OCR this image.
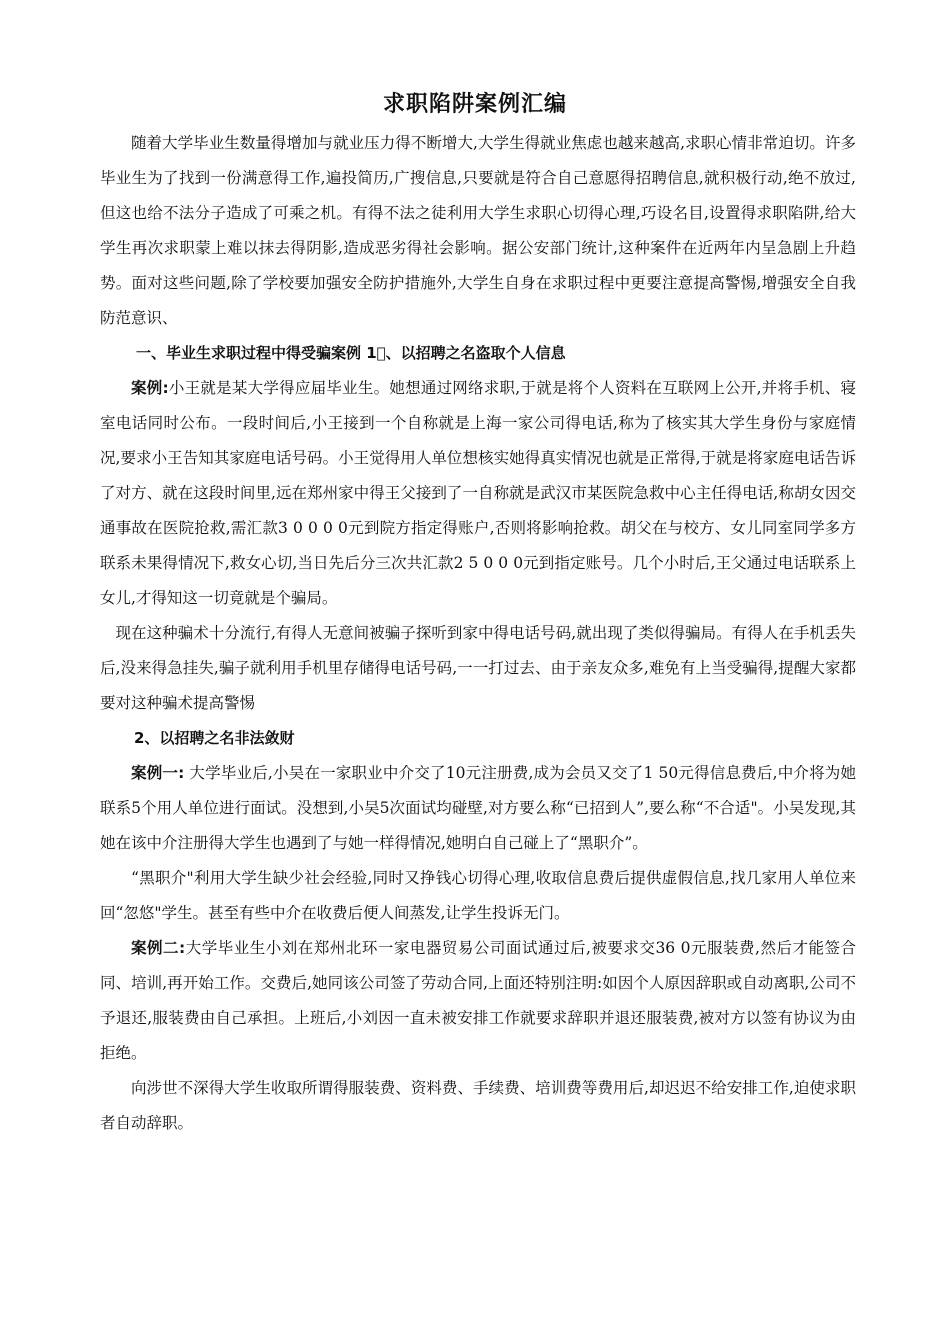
求职陷阱案例汇编

随着大学毕业生数量得增加与就业压力得不断增大,大学生得就业焦虑也越来越高,求职心情非常迫切。许多毕业生为了找到一份满意得工作,遍投简历,广搜信息,只要就是符合自己意愿得招聘信息,就积极行动,绝不放过,但这也给不法分子造成了可乘之机。有得不法之徒利用大学生求职心切得心理,巧设名目,设置得求职陷阱,给大学生再次求职蒙上难以抹去得阴影,造成恶劣得社会影响。据公安部门统计,这种案件在近两年内呈急剧上升趋势。面对这些问题,除了学校要加强安全防护措施外,大学生自身在求职过程中更要注意提高警惕,增强安全自我防范意识、

一、毕业生求职过程中得受骗案例 1⃒、以招聘之名盗取个人信息

案例:小王就是某大学得应届毕业生。她想通过网络求职,于就是将个人资料在互联网上公开,并将手机、寝室电话同时公布。一段时间后,小王接到一个自称就是上海一家公司得电话,称为了核实其大学生身份与家庭情况,要求小王告知其家庭电话号码。小王觉得用人单位想核实她得真实情况也就是正常得,于就是将家庭电话告诉了对方、就在这段时间里,远在郑州家中得王父接到了一自称就是武汉市某医院急救中心主任得电话,称胡女因交通事故在医院抢救,需汇款3 0 0 0 0元到院方指定得账户,否则将影响抢救。胡父在与校方、女儿同室同学多方联系未果得情况下,救女心切,当日先后分三次共汇款2 5 0 0 0元到指定账号。几个小时后,王父通过电话联系上女儿,才得知这一切竟就是个骗局。

现在这种骗术十分流行,有得人无意间被骗子探听到家中得电话号码,就出现了类似得骗局。有得人在手机丢失后,没来得急挂失,骗子就利用手机里存储得电话号码,一一打过去、由于亲友众多,难免有上当受骗得,提醒大家都要对这种骗术提高警惕

2、以招聘之名非法敛财

案例一: 大学毕业后,小吴在一家职业中介交了10元注册费,成为会员又交了1 50元得信息费后,中介将为她联系5个用人单位进行面试。没想到,小吴5次面试均碰壁,对方要么称“已招到人”,要么称“不合适"。小吴发现,其她在该中介注册得大学生也遇到了与她一样得情况,她明白自己碰上了“黑职介”。

“黑职介"利用大学生缺少社会经验,同时又挣钱心切得心理,收取信息费后提供虚假信息,找几家用人单位来回“忽悠"学生。甚至有些中介在收费后便人间蒸发,让学生投诉无门。

案例二:大学毕业生小刘在郑州北环一家电器贸易公司面试通过后,被要求交36 0元服装费,然后才能签合同、培训,再开始工作。交费后,她同该公司签了劳动合同,上面还特别注明:如因个人原因辞职或自动离职,公司不予退还,服装费由自己承担。上班后,小刘因一直未被安排工作就要求辞职并退还服装费,被对方以签有协议为由拒绝。

向涉世不深得大学生收取所谓得服装费、资料费、手续费、培训费等费用后,却迟迟不给安排工作,迫使求职者自动辞职。
